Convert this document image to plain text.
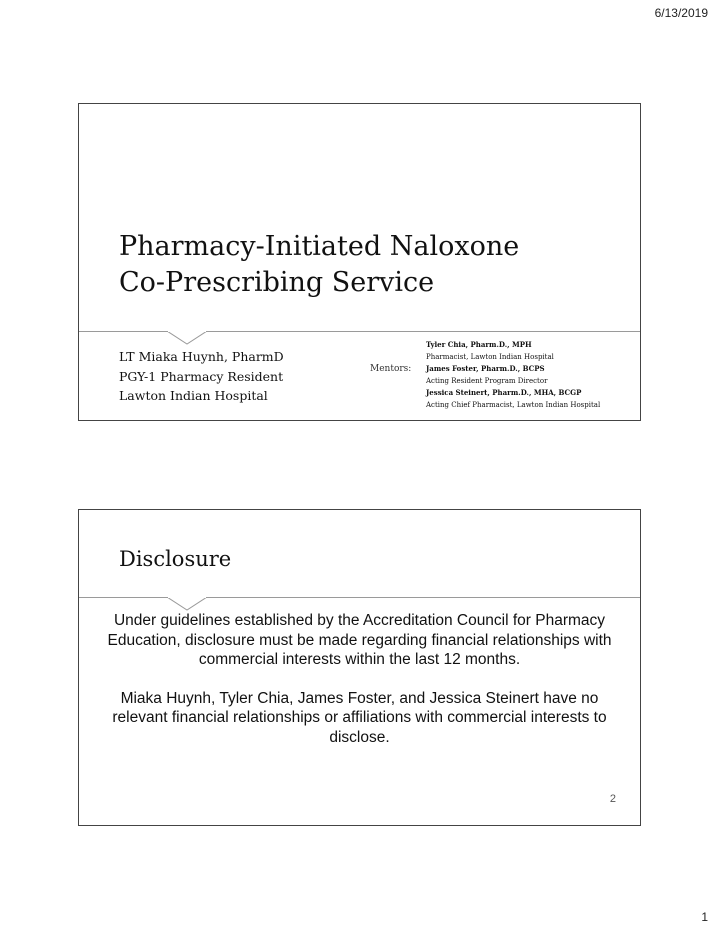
6/13/2019
Pharmacy-Initiated Naloxone
Co-Prescribing Service
LT Miaka Huynh, PharmD
PGY-1 Pharmacy Resident
Lawton Indian Hospital
Mentors:
Tyler Chia, Pharm.D., MPH
Pharmacist, Lawton Indian Hospital
James Foster, Pharm.D., BCPS
Acting Resident Program Director
Jessica Steinert, Pharm.D., MHA, BCGP
Acting Chief Pharmacist, Lawton Indian Hospital
Disclosure

Under guidelines established by the Accreditation Council for Pharmacy Education, disclosure must be made regarding financial relationships with commercial interests within the last 12 months.

Miaka Huynh, Tyler Chia, James Foster, and Jessica Steinert have no relevant financial relationships or affiliations with commercial interests to disclose.

2
1
